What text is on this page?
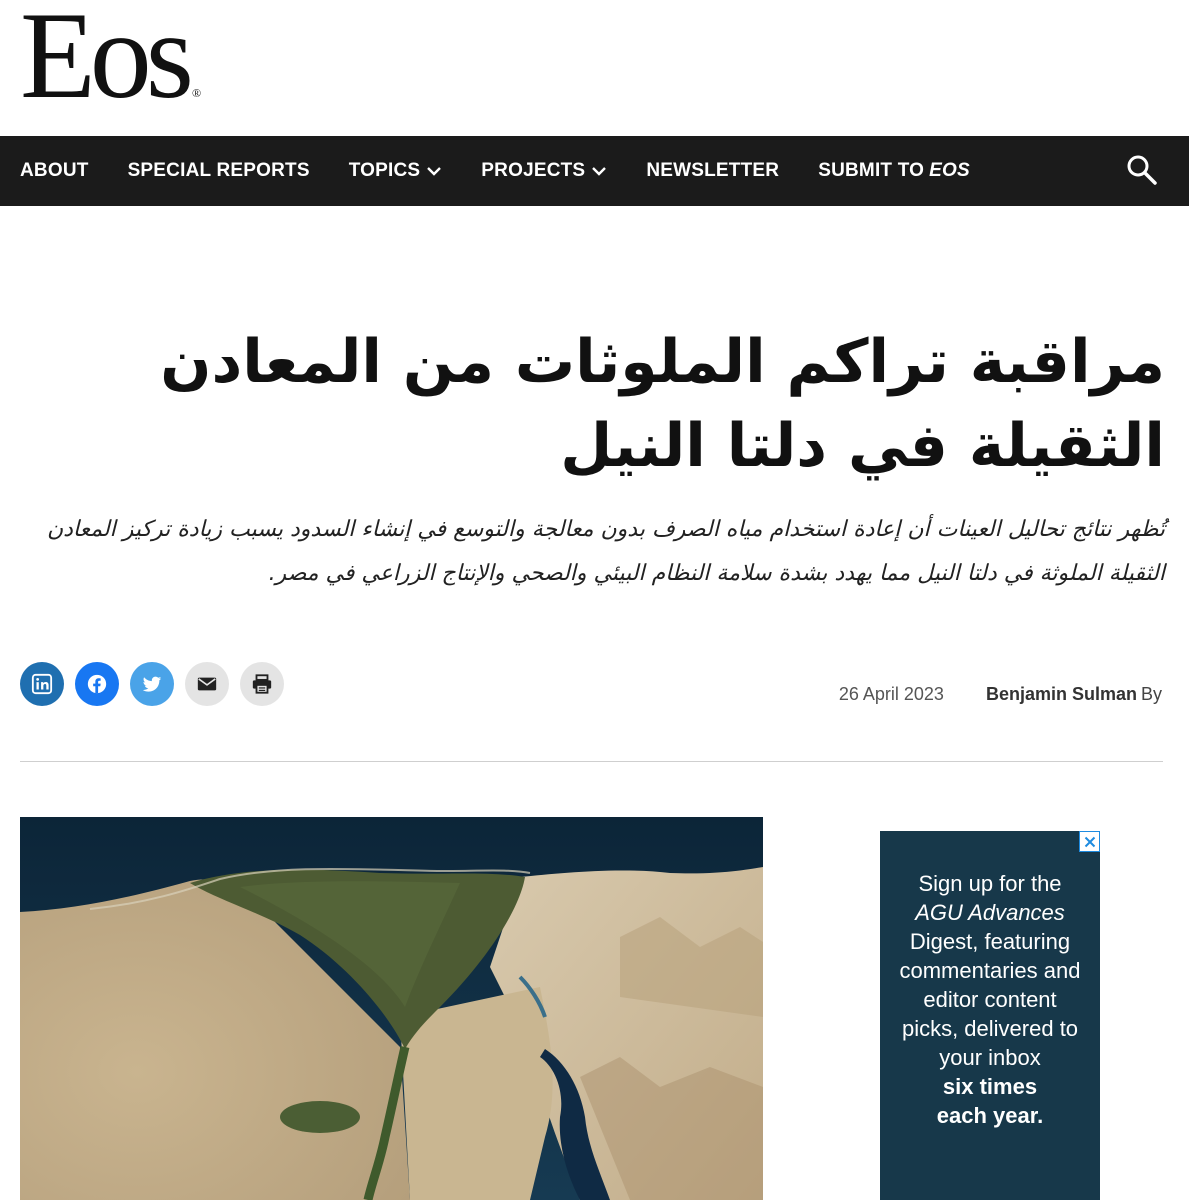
Eos ®
ABOUT SPECIAL REPORTS TOPICS	PROJECTS	NEWSLETTER SUBMIT TO EOS
مراقبة تراكم الملوثات من المعادن الثقيلة في دلتا النيل

تُظهر نتائج تحاليل العينات أن إعادة استخدام مياه الصرف بدون معالجة والتوسع في إنشاء السدود يسبب زيادة تركيز المعادن الثقيلة الملوثة في دلتا النيل مما يهدد بشدة سلامة النظام البيئي والصحي والإنتاج الزراعي في مصر.

26 April 2023 Benjamin Sulman By
Sign up for the
AGU Advances
Digest, featuring commentaries and editor content picks, delivered to your inbox
six times each year.
